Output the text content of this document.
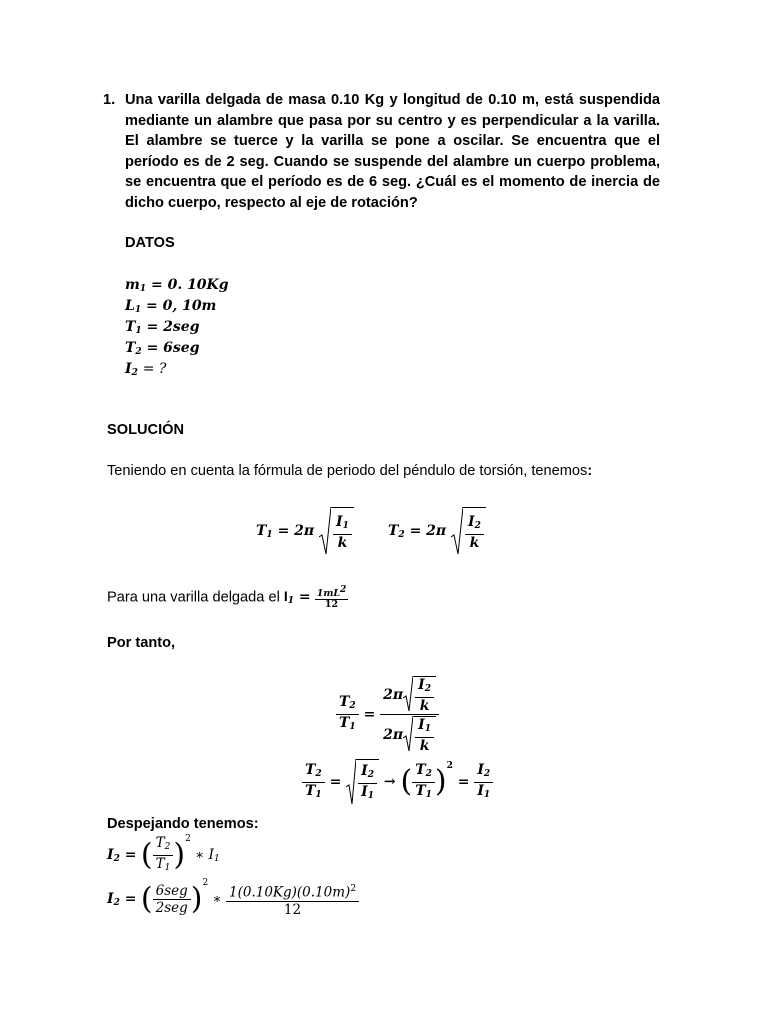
1. Una varilla delgada de masa 0.10 Kg y longitud de 0.10 m, está suspendida mediante un alambre que pasa por su centro y es perpendicular a la varilla. El alambre se tuerce y la varilla se pone a oscilar. Se encuentra que el período es de 2 seg. Cuando se suspende del alambre un cuerpo problema, se encuentra que el período es de 6 seg. ¿Cuál es el momento de inercia de dicho cuerpo, respecto al eje de rotación?
DATOS
$m_1 = 0$. 10Kg
$L_1 = 0$, 10m
$T_1 = 2seg$
$T_2 = 6seg$
$I_2$ = ?
SOLUCIÓN
Teniendo en cuenta la fórmula de periodo del péndulo de torsión, tenemos:
$T_1 = 2\pi \frac{I_1}{k}$	$T_2 = 2\pi \frac{I_2}{k}$
Para una varilla delgada el $I_1 = \frac{1mL^2}{12}$
Por tanto,
$\frac{T_2}{T_1} = \frac{2\pi \frac{I_2}{k}}{2\pi \frac{I_1}{k}}$
$\frac{T_2}{T_1} = \frac{I_2}{I_1}$ → ( $\frac{T_2}{T_1} )^2 = \frac{I_2}{I_1}$
Despejando tenemos:
$I_2$ = ( $\frac{T_2}{T_1} )^2$ ∗ $I_1$
$I_2$ = ( $\frac{\text{6seg}}{\text{2seg}} )^2$ ∗ $\frac{1(0.10Kg)(0.10m)^2}{12}$
